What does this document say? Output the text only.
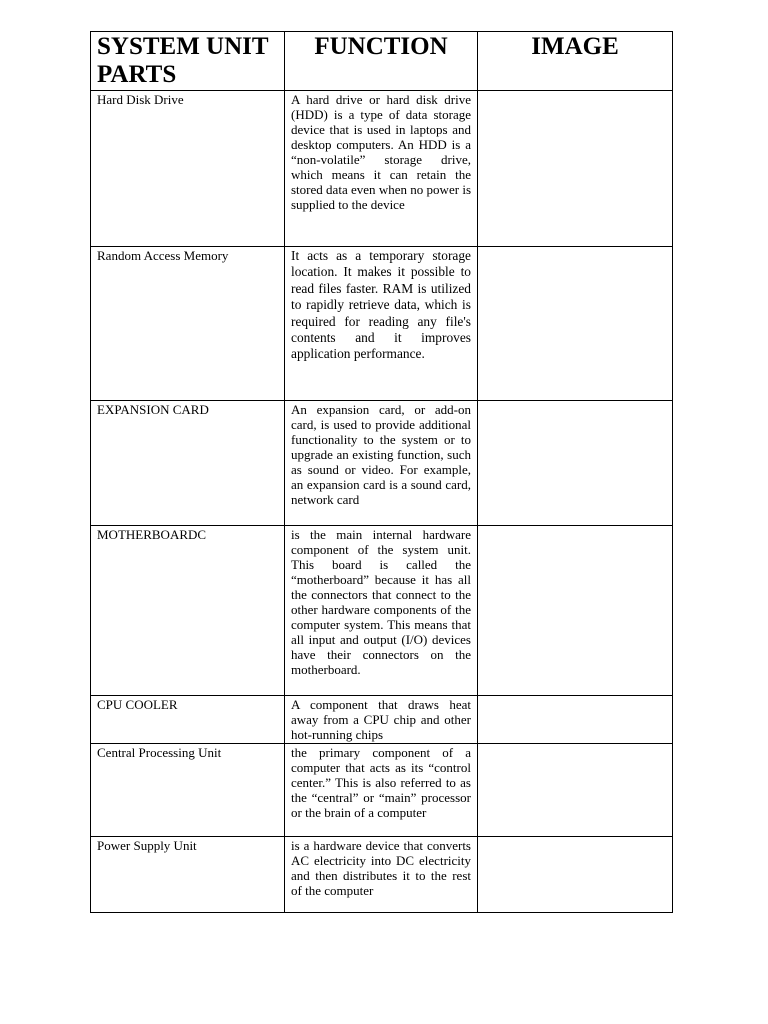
SYSTEM UNIT PARTS	FUNCTION	IMAGE
Hard Disk Drive	A hard drive or hard disk drive (HDD) is a type of data storage device that is used in laptops and desktop computers. An HDD is a “non-volatile” storage drive, which means it can retain the stored data even when no power is supplied to the device	
Random Access Memory	It acts as a temporary storage location. It makes it possible to read files faster. RAM is utilized to rapidly retrieve data, which is required for reading any file's contents and it improves application performance.	
EXPANSION CARD	An expansion card, or add-on card, is used to provide additional functionality to the system or to upgrade an existing function, such as sound or video. For example, an expansion card is a sound card, network card	
MOTHERBOARDC	is the main internal hardware component of the system unit. This board is called the “motherboard” because it has all the connectors that connect to the other hardware components of the computer system. This means that all input and output (I/O) devices have their connectors on the motherboard.	
CPU COOLER	A component that draws heat away from a CPU chip and other hot-running chips	
Central Processing Unit	the primary component of a computer that acts as its “control center.” This is also referred to as the “central” or “main” processor or the brain of a computer	
Power Supply Unit	is a hardware device that converts AC electricity into DC electricity and then distributes it to the rest of the computer	
